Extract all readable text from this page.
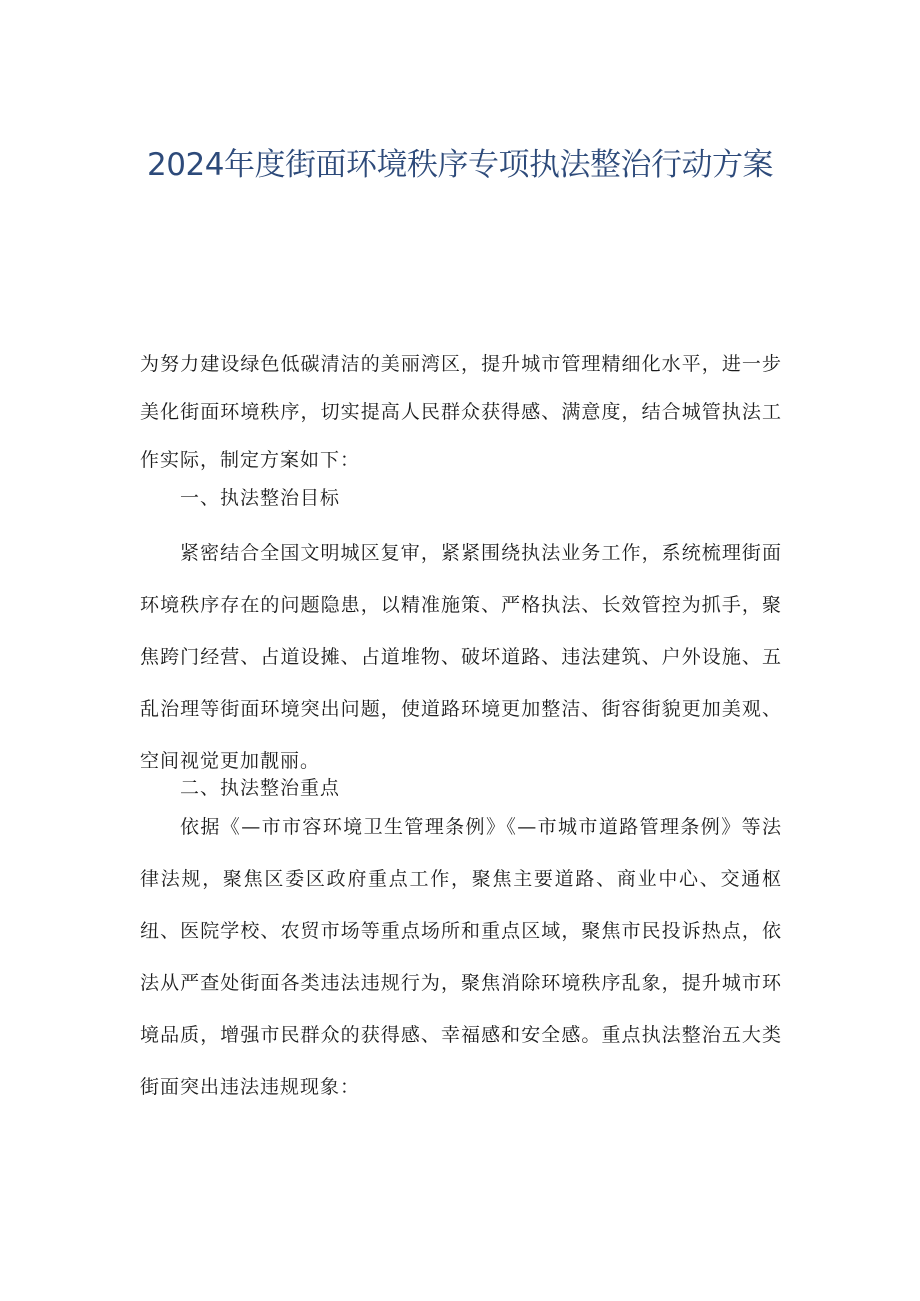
2024年度街面环境秩序专项执法整治行动方案
为努力建设绿色低碳清洁的美丽湾区，提升城市管理精细化水平，进一步美化街面环境秩序，切实提高人民群众获得感、满意度，结合城管执法工作实际，制定方案如下：
一、执法整治目标
紧密结合全国文明城区复审，紧紧围绕执法业务工作，系统梳理街面环境秩序存在的问题隐患，以精准施策、严格执法、长效管控为抓手，聚焦跨门经营、占道设摊、占道堆物、破坏道路、违法建筑、户外设施、五乱治理等街面环境突出问题，使道路环境更加整洁、街容街貌更加美观、空间视觉更加靓丽。
二、执法整治重点
依据《—市市容环境卫生管理条例》《—市城市道路管理条例》等法律法规，聚焦区委区政府重点工作，聚焦主要道路、商业中心、交通枢纽、医院学校、农贸市场等重点场所和重点区域，聚焦市民投诉热点，依法从严查处街面各类违法违规行为，聚焦消除环境秩序乱象，提升城市环境品质，增强市民群众的获得感、幸福感和安全感。重点执法整治五大类街面突出违法违规现象：
